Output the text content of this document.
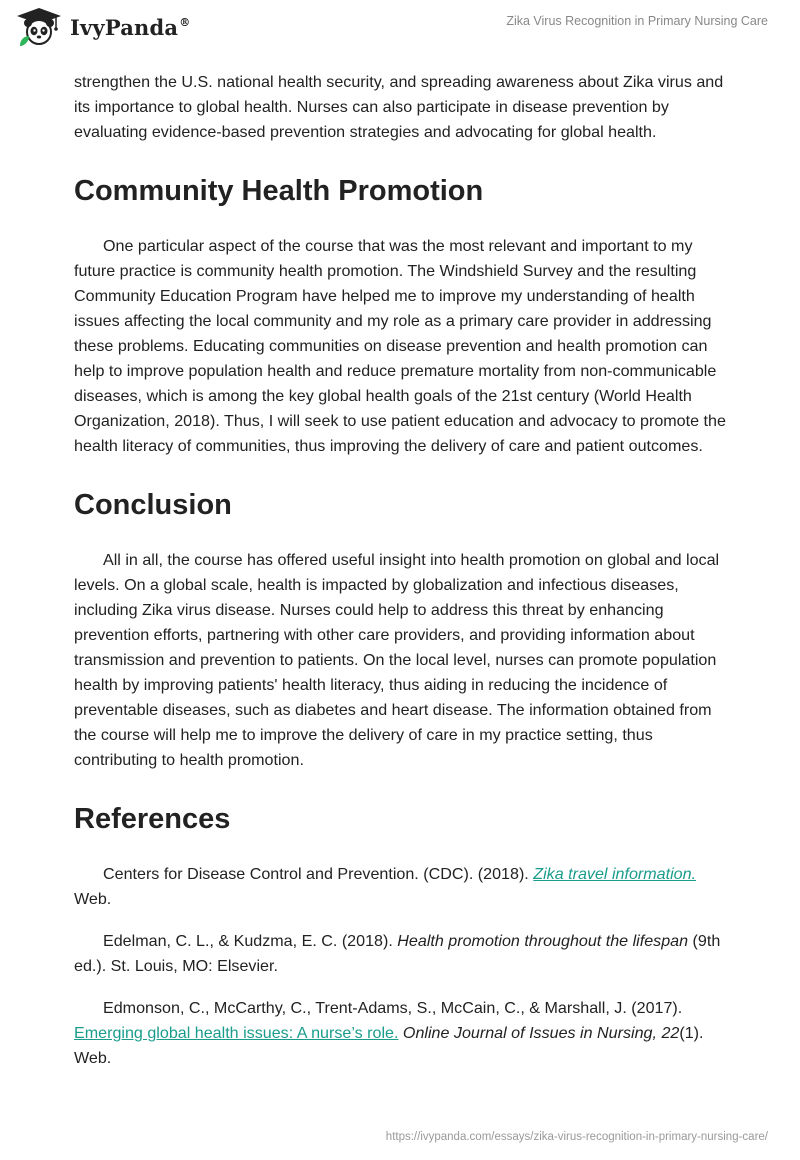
IvyPanda®	Zika Virus Recognition in Primary Nursing Care

strengthen the U.S. national health security, and spreading awareness about Zika virus and its importance to global health. Nurses can also participate in disease prevention by evaluating evidence-based prevention strategies and advocating for global health.

Community Health Promotion

One particular aspect of the course that was the most relevant and important to my future practice is community health promotion. The Windshield Survey and the resulting Community Education Program have helped me to improve my understanding of health issues affecting the local community and my role as a primary care provider in addressing these problems. Educating communities on disease prevention and health promotion can help to improve population health and reduce premature mortality from non-communicable diseases, which is among the key global health goals of the 21st century (World Health Organization, 2018). Thus, I will seek to use patient education and advocacy to promote the health literacy of communities, thus improving the delivery of care and patient outcomes.

Conclusion

All in all, the course has offered useful insight into health promotion on global and local levels. On a global scale, health is impacted by globalization and infectious diseases, including Zika virus disease. Nurses could help to address this threat by enhancing prevention efforts, partnering with other care providers, and providing information about transmission and prevention to patients. On the local level, nurses can promote population health by improving patients' health literacy, thus aiding in reducing the incidence of preventable diseases, such as diabetes and heart disease. The information obtained from the course will help me to improve the delivery of care in my practice setting, thus contributing to health promotion.

References

Centers for Disease Control and Prevention. (CDC). (2018). Zika travel information. Web.

Edelman, C. L., & Kudzma, E. C. (2018). Health promotion throughout the lifespan (9th ed.). St. Louis, MO: Elsevier.

Edmonson, C., McCarthy, C., Trent-Adams, S., McCain, C., & Marshall, J. (2017). Emerging global health issues: A nurse’s role. Online Journal of Issues in Nursing, 22(1). Web.

https://ivypanda.com/essays/zika-virus-recognition-in-primary-nursing-care/
